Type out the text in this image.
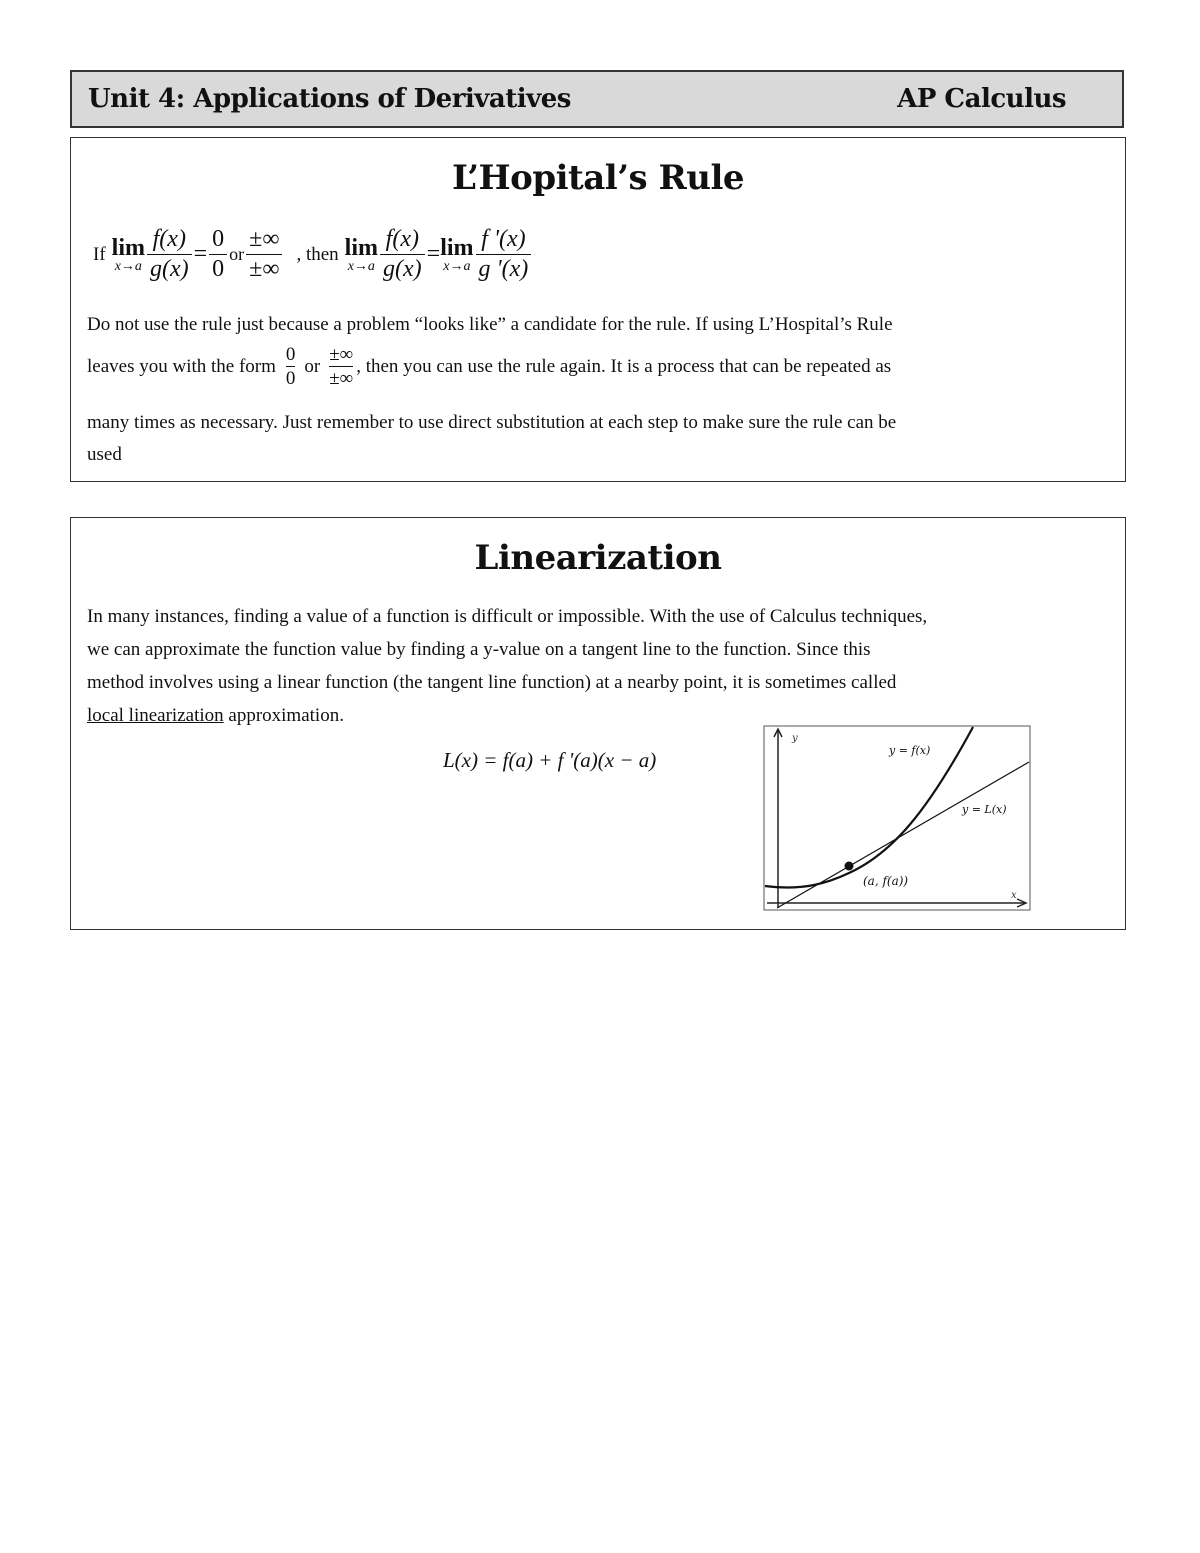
Unit 4: Applications of Derivatives	AP Calculus
L’Hopital’s Rule
If lim
$x\to a \frac{f(x)}{g(x)} = \frac{0}{0}$ or $\frac{\pm\infty}{\pm\infty}$ , then lim
$x\to a \frac{f(x)}{g(x)} = \lim$
$x\to a \frac{f '(x)}{g '(x)}$
Do not use the rule just because a problem “looks like” a candidate for the rule. If using L’Hospital’s Rule
leaves you with the form $\frac{0}{0}$ or $\frac{\pm\infty}{\pm\infty}$ , then you can use the rule again. It is a process that can be repeated as
many times as necessary. Just remember to use direct substitution at each step to make sure the rule can be
used
Linearization
In many instances, finding a value of a function is difficult or impossible. With the use of Calculus techniques,
we can approximate the function value by finding a y-value on a tangent line to the function. Since this
method involves using a linear function (the tangent line function) at a nearby point, it is sometimes called
local linearization approximation.
L(x) = f(a) + f '(a)(x − a)
y
x
y = f(x)
y = L(x)
(a, f(a))
